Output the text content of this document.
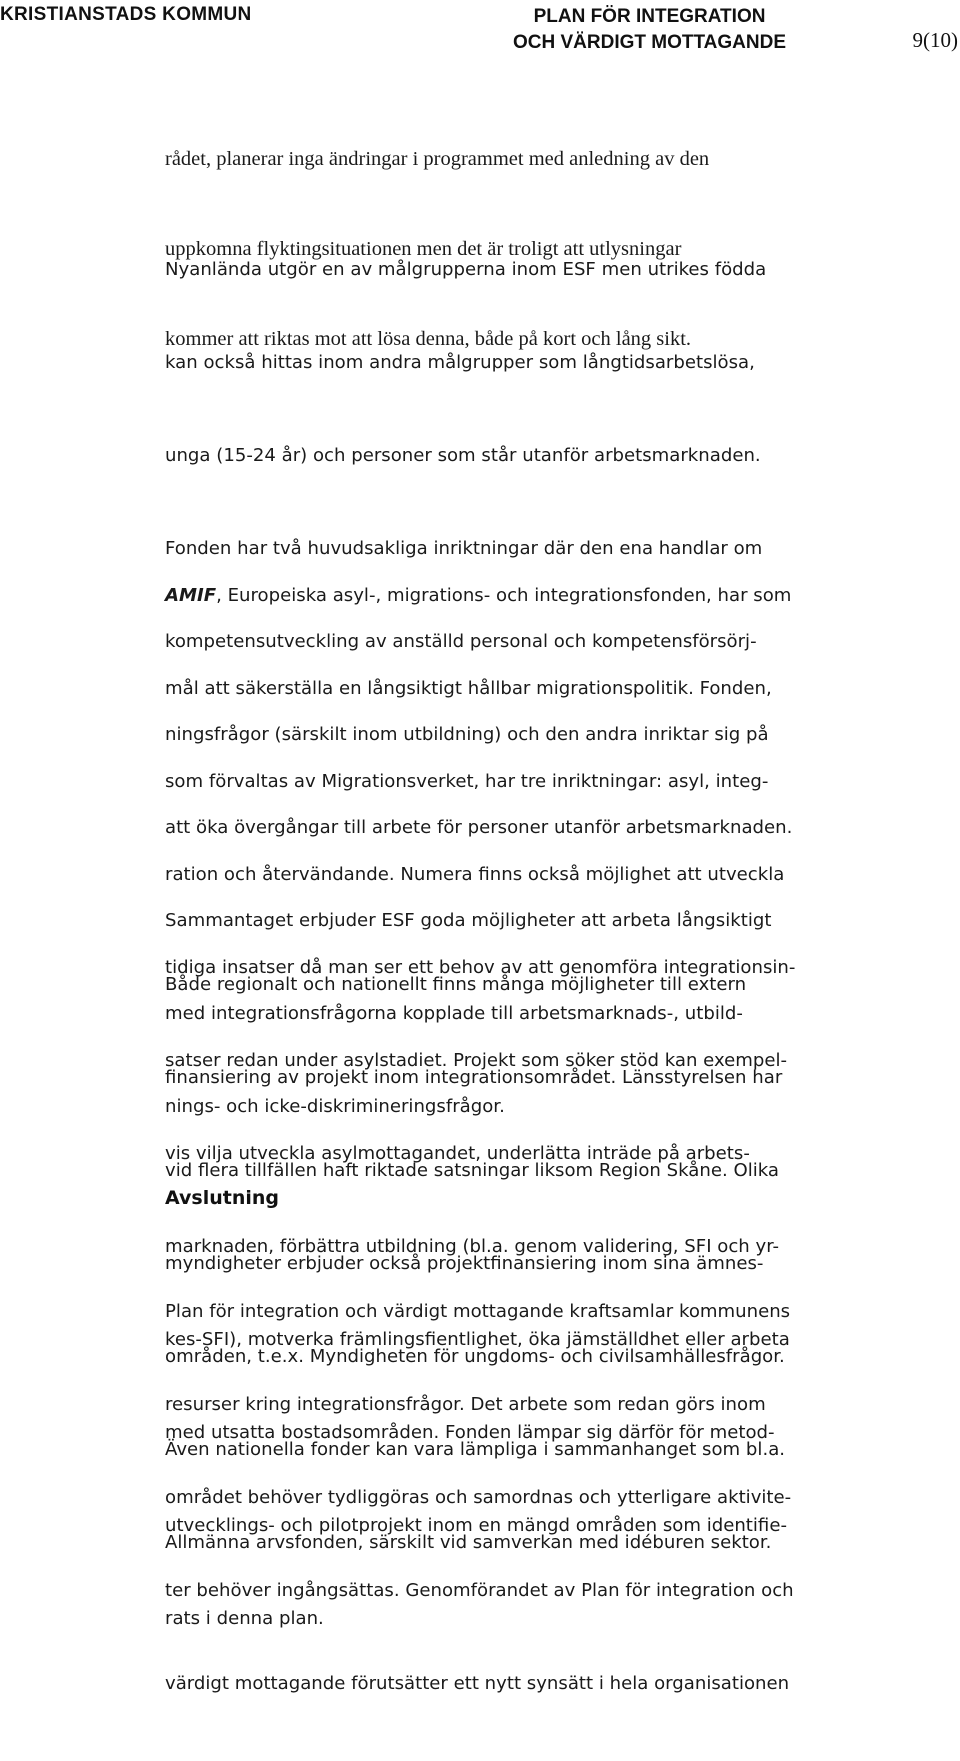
KRISTIANSTADS KOMMUN	PLAN FÖR INTEGRATION
OCH VÄRDIGT MOTTAGANDE	9(10)

rådet, planerar inga ändringar i programmet med anledning av den

uppkomna flyktingsituationen men det är troligt att utlysningar

kommer att riktas mot att lösa denna, både på kort och lång sikt.

Nyanlända utgör en av målgrupperna inom ESF men utrikes födda

kan också hittas inom andra målgrupper som långtidsarbetslösa,

unga (15-24 år) och personer som står utanför arbetsmarknaden.

Fonden har två huvudsakliga inriktningar där den ena handlar om

kompetensutveckling av anställd personal och kompetensförsörj-

ningsfrågor (särskilt inom utbildning) och den andra inriktar sig på

att öka övergångar till arbete för personer utanför arbetsmarknaden.

Sammantaget erbjuder ESF goda möjligheter att arbeta långsiktigt

med integrationsfrågorna kopplade till arbetsmarknads-, utbild-

nings- och icke-diskrimineringsfrågor.

AMIF, Europeiska asyl-, migrations- och integrationsfonden, har som

mål att säkerställa en långsiktigt hållbar migrationspolitik. Fonden,

som förvaltas av Migrationsverket, har tre inriktningar: asyl, integ-

ration och återvändande. Numera finns också möjlighet att utveckla

tidiga insatser då man ser ett behov av att genomföra integrationsin-

satser redan under asylstadiet. Projekt som söker stöd kan exempel-

vis vilja utveckla asylmottagandet, underlätta inträde på arbets-

marknaden, förbättra utbildning (bl.a. genom validering, SFI och yr-

kes-SFI), motverka främlingsfientlighet, öka jämställdhet eller arbeta

med utsatta bostadsområden. Fonden lämpar sig därför för metod-

utvecklings- och pilotprojekt inom en mängd områden som identifie-

rats i denna plan.

Både regionalt och nationellt finns många möjligheter till extern

finansiering av projekt inom integrationsområdet. Länsstyrelsen har

vid flera tillfällen haft riktade satsningar liksom Region Skåne. Olika

myndigheter erbjuder också projektfinansiering inom sina ämnes-

områden, t.e.x. Myndigheten för ungdoms- och civilsamhällesfrågor.

Även nationella fonder kan vara lämpliga i sammanhanget som bl.a.

Allmänna arvsfonden, särskilt vid samverkan med idéburen sektor.

Avslutning

Plan för integration och värdigt mottagande kraftsamlar kommunens

resurser kring integrationsfrågor. Det arbete som redan görs inom

området behöver tydliggöras och samordnas och ytterligare aktivite-

ter behöver ingångsättas. Genomförandet av Plan för integration och

värdigt mottagande förutsätter ett nytt synsätt i hela organisationen
